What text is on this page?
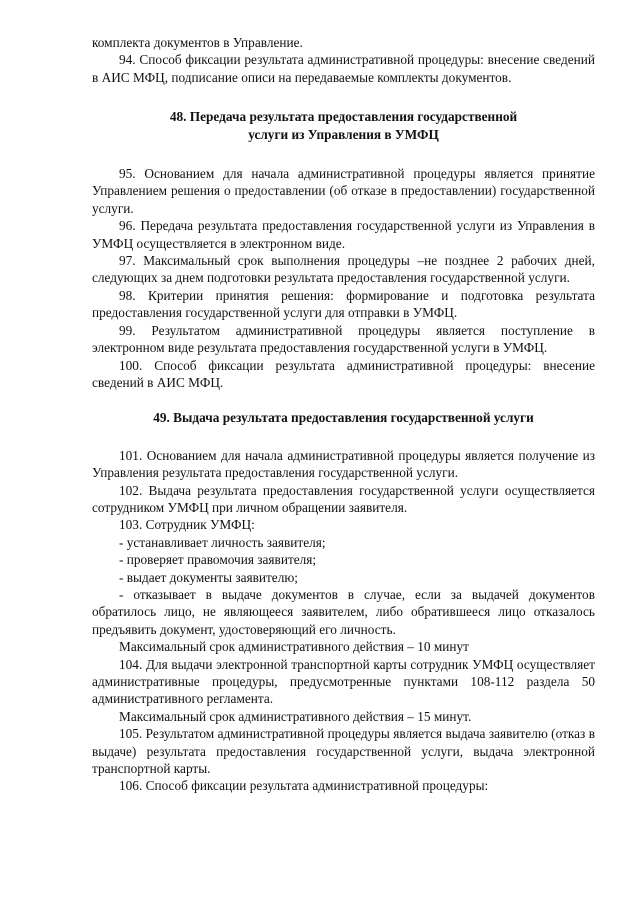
комплекта документов в Управление.

94. Способ фиксации результата административной процедуры: внесение сведений в АИС МФЦ, подписание описи на передаваемые комплекты документов.

48. Передача результата предоставления государственной
услуги из Управления в УМФЦ

95. Основанием для начала административной процедуры является принятие Управлением решения о предоставлении (об отказе в предоставлении) государственной услуги.

96. Передача результата предоставления государственной услуги из Управления в УМФЦ осуществляется в электронном виде.

97. Максимальный срок выполнения процедуры –не позднее 2 рабочих дней, следующих за днем подготовки результата предоставления государственной услуги.

98. Критерии принятия решения: формирование и подготовка результата предоставления государственной услуги для отправки в УМФЦ.

99. Результатом административной процедуры является поступление в электронном виде результата предоставления государственной услуги в УМФЦ.

100. Способ фиксации результата административной процедуры: внесение сведений в АИС МФЦ.

49. Выдача результата предоставления государственной услуги

101. Основанием для начала административной процедуры является получение из Управления результата предоставления государственной услуги.

102. Выдача результата предоставления государственной услуги осуществляется сотрудником УМФЦ при личном обращении заявителя.

103. Сотрудник УМФЦ:

- устанавливает личность заявителя;

- проверяет правомочия заявителя;

- выдает документы заявителю;

- отказывает в выдаче документов в случае, если за выдачей документов обратилось лицо, не являющееся заявителем, либо обратившееся лицо отказалось предъявить документ, удостоверяющий его личность.

Максимальный срок административного действия – 10 минут

104. Для выдачи электронной транспортной карты сотрудник УМФЦ осуществляет административные процедуры, предусмотренные пунктами 108-112 раздела 50 административного регламента.

Максимальный срок административного действия – 15 минут.

105. Результатом административной процедуры является выдача заявителю (отказ в выдаче) результата предоставления государственной услуги, выдача электронной транспортной карты.

106. Способ фиксации результата административной процедуры:
